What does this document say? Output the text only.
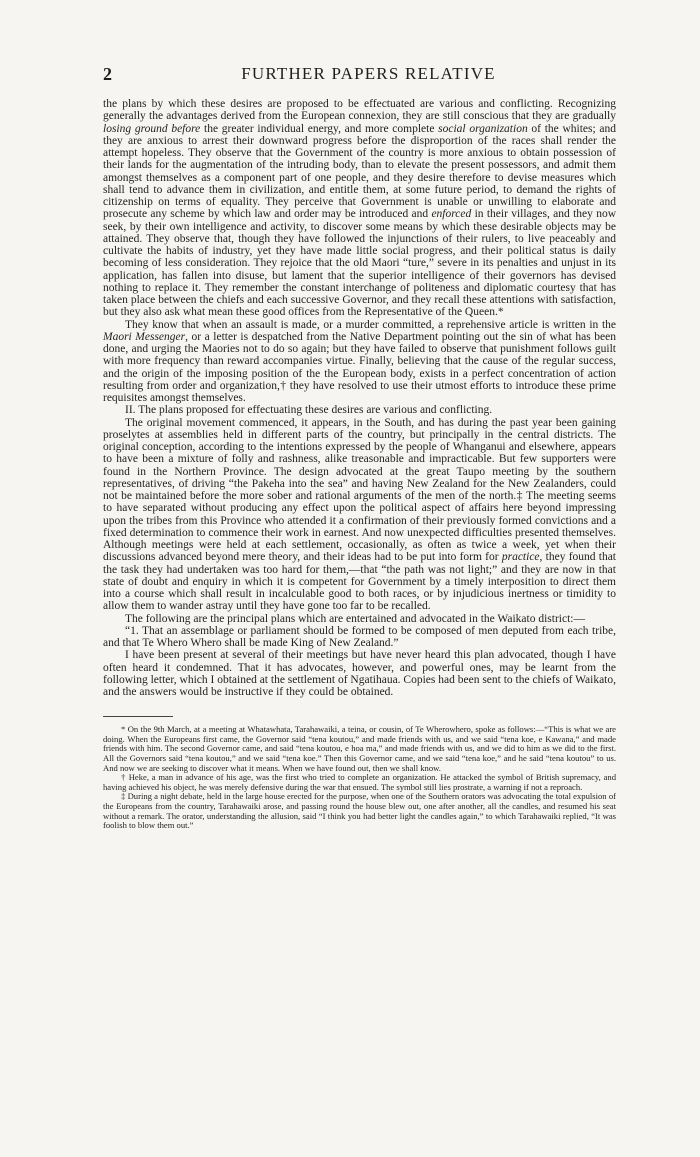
2	FURTHER PAPERS RELATIVE

the plans by which these desires are proposed to be effectuated are various and conflicting. Recognizing generally the advantages derived from the European connexion, they are still conscious that they are gradually losing ground before the greater individual energy, and more complete social organization of the whites; and they are anxious to arrest their downward progress before the disproportion of the races shall render the attempt hopeless. They observe that the Government of the country is more anxious to obtain possession of their lands for the augmentation of the intruding body, than to elevate the present possessors, and admit them amongst themselves as a component part of one people, and they desire therefore to devise measures which shall tend to advance them in civilization, and entitle them, at some future period, to demand the rights of citizenship on terms of equality. They perceive that Government is unable or unwilling to elaborate and prosecute any scheme by which law and order may be introduced and enforced in their villages, and they now seek, by their own intelligence and activity, to discover some means by which these desirable objects may be attained. They observe that, though they have followed the injunctions of their rulers, to live peaceably and cultivate the habits of industry, yet they have made little social progress, and their political status is daily becoming of less consideration. They rejoice that the old Maori “ture,” severe in its penalties and unjust in its application, has fallen into disuse, but lament that the superior intelligence of their governors has devised nothing to replace it. They remember the constant interchange of politeness and diplomatic courtesy that has taken place between the chiefs and each successive Governor, and they recall these attentions with satisfaction, but they also ask what mean these good offices from the Representative of the Queen.*

They know that when an assault is made, or a murder committed, a reprehensive article is written in the Maori Messenger, or a letter is despatched from the Native Department pointing out the sin of what has been done, and urging the Maories not to do so again; but they have failed to observe that punishment follows guilt with more frequency than reward accompanies virtue. Finally, believing that the cause of the regular success, and the origin of the imposing position of the the European body, exists in a perfect concentration of action resulting from order and organization,† they have resolved to use their utmost efforts to introduce these prime requisites amongst themselves.

II. The plans proposed for effectuating these desires are various and conflicting.

The original movement commenced, it appears, in the South, and has during the past year been gaining proselytes at assemblies held in different parts of the country, but principally in the central districts. The original conception, according to the intentions expressed by the people of Whanganui and elsewhere, appears to have been a mixture of folly and rashness, alike treasonable and impracticable. But few supporters were found in the Northern Province. The design advocated at the great Taupo meeting by the southern representatives, of driving “the Pakeha into the sea” and having New Zealand for the New Zealanders, could not be maintained before the more sober and rational arguments of the men of the north.‡ The meeting seems to have separated without producing any effect upon the political aspect of affairs here beyond impressing upon the tribes from this Province who attended it a confirmation of their previously formed convictions and a fixed determination to commence their work in earnest. And now unexpected difficulties presented themselves. Although meetings were held at each settlement, occasionally, as often as twice a week, yet when their discussions advanced beyond mere theory, and their ideas had to be put into form for practice, they found that the task they had undertaken was too hard for them,—that “the path was not light;” and they are now in that state of doubt and enquiry in which it is competent for Government by a timely interposition to direct them into a course which shall result in incalculable good to both races, or by injudicious inertness or timidity to allow them to wander astray until they have gone too far to be recalled.

The following are the principal plans which are entertained and advocated in the Waikato district:—

“1. That an assemblage or parliament should be formed to be composed of men deputed from each tribe, and that Te Whero Whero shall be made King of New Zealand.”

I have been present at several of their meetings but have never heard this plan advocated, though I have often heard it condemned. That it has advocates, however, and powerful ones, may be learnt from the following letter, which I obtained at the settlement of Ngatihaua. Copies had been sent to the chiefs of Waikato, and the answers would be instructive if they could be obtained.

* On the 9th March, at a meeting at Whatawhata, Tarahawaiki, a teina, or cousin, of Te Wherowhero, spoke as follows:—“This is what we are doing. When the Europeans first came, the Governor said “tena koutou,” and made friends with us, and we said “tena koe, e Kawana,” and made friends with him. The second Governor came, and said “tena koutou, e hoa ma,” and made friends with us, and we did to him as we did to the first. All the Governors said “tena koutou,” and we said “tena koe.” Then this Governor came, and we said “tena koe,” and he said “tena koutou” to us. And now we are seeking to discover what it means. When we have found out, then we shall know.

† Heke, a man in advance of his age, was the first who tried to complete an organization. He attacked the symbol of British supremacy, and having achieved his object, he was merely defensive during the war that ensued. The symbol still lies prostrate, a warning if not a reproach.

‡ During a night debate, held in the large house erected for the purpose, when one of the Southern orators was advocating the total expulsion of the Europeans from the country, Tarahawaiki arose, and passing round the house blew out, one after another, all the candles, and resumed his seat without a remark. The orator, understanding the allusion, said “I think you had better light the candles again,” to which Tarahawaiki replied, “It was foolish to blow them out.”
